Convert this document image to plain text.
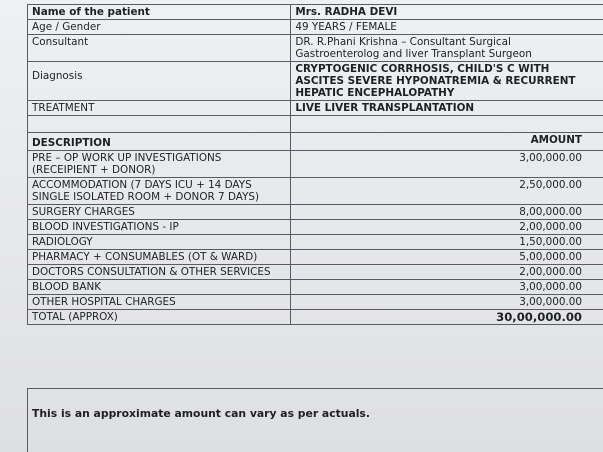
Name of the patient	Mrs. RADHA DEVI
Age / Gender	49 YEARS / FEMALE
Consultant	DR. R.Phani Krishna – Consultant Surgical
Gastroenterolog and liver Transplant Surgeon

Diagnosis	CRYPTOGENIC CORRHOSIS, CHILD'S C WITH
ASCITES SEVERE HYPONATREMIA & RECURRENT
HEPATIC ENCEPHALOPATHY

TREATMENT	LIVE LIVER TRANSPLANTATION

DESCRIPTION	AMOUNT

PRE – OP WORK UP INVESTIGATIONS
(RECEIPIENT + DONOR)	3,00,000.00

ACCOMMODATION (7 DAYS ICU + 14 DAYS
SINGLE ISOLATED ROOM + DONOR 7 DAYS)	2,50,000.00
SURGERY CHARGES	8,00,000.00
BLOOD INVESTIGATIONS - IP	2,00,000.00
RADIOLOGY	1,50,000.00
PHARMACY + CONSUMABLES (OT & WARD)	5,00,000.00
DOCTORS CONSULTATION & OTHER SERVICES	2,00,000.00
BLOOD BANK	3,00,000.00
OTHER HOSPITAL CHARGES	3,00,000.00
TOTAL (APPROX)	30,00,000.00
This is an approximate amount can vary as per actuals.
